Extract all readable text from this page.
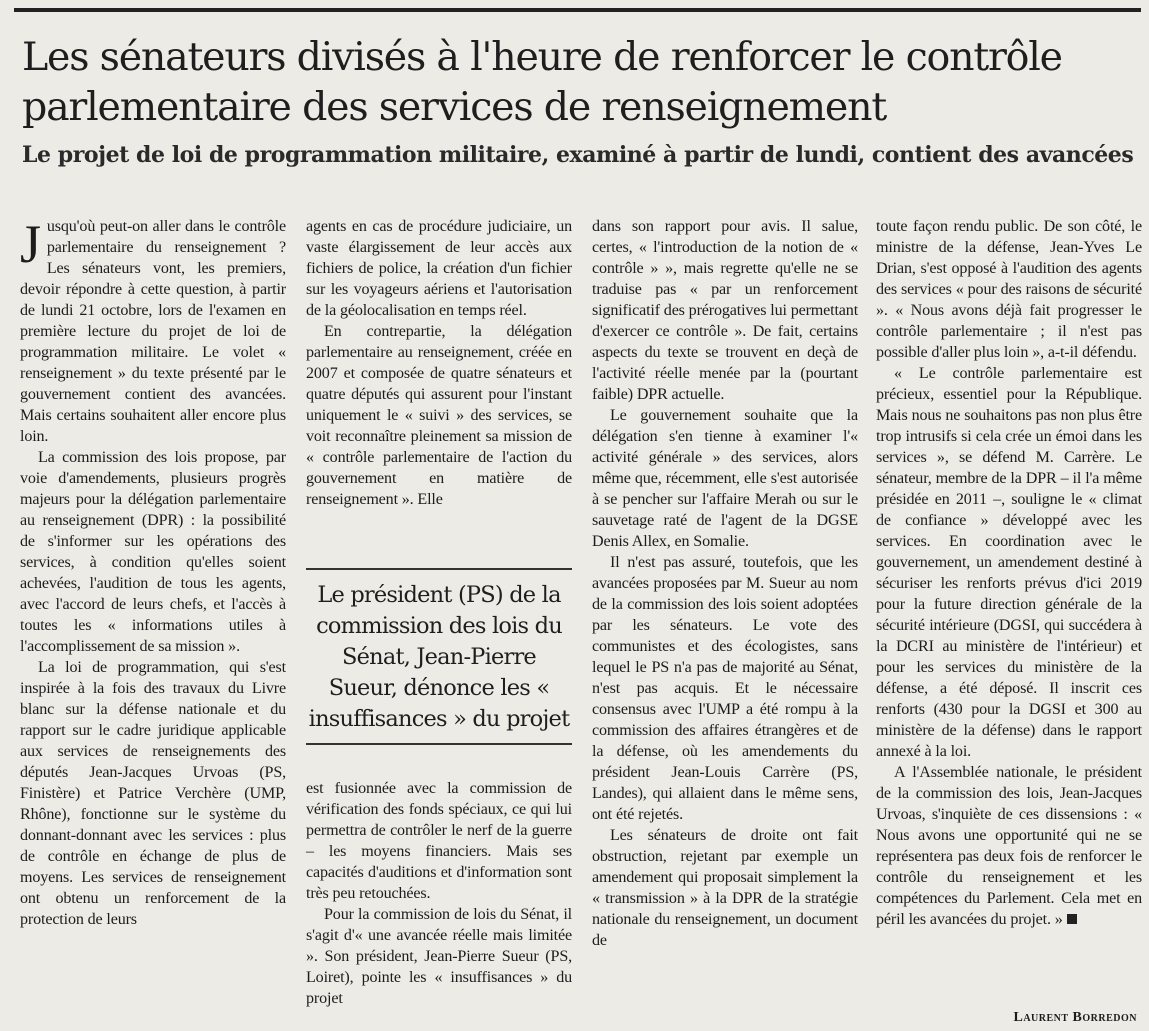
Les sénateurs divisés à l'heure de renforcer le contrôle parlementaire des services de renseignement
Le projet de loi de programmation militaire, examiné à partir de lundi, contient des avancées

Jusqu'où peut-on aller dans le contrôle parlementaire du renseignement ? Les sénateurs vont, les premiers, devoir répondre à cette question, à partir de lundi 21 octobre, lors de l'examen en première lecture du projet de loi de programmation militaire. Le volet « renseignement » du texte présenté par le gouvernement contient des avancées. Mais certains souhaitent aller encore plus loin.

La commission des lois propose, par voie d'amendements, plusieurs progrès majeurs pour la délégation parlementaire au renseignement (DPR) : la possibilité de s'informer sur les opérations des services, à condition qu'elles soient achevées, l'audition de tous les agents, avec l'accord de leurs chefs, et l'accès à toutes les « informations utiles à l'accomplissement de sa mission ».

La loi de programmation, qui s'est inspirée à la fois des travaux du Livre blanc sur la défense nationale et du rapport sur le cadre juridique applicable aux services de renseignements des députés Jean-Jacques Urvoas (PS, Finistère) et Patrice Verchère (UMP, Rhône), fonctionne sur le système du donnant-donnant avec les services : plus de contrôle en échange de plus de moyens. Les services de renseignement ont obtenu un renforcement de la protection de leurs

agents en cas de procédure judiciaire, un vaste élargissement de leur accès aux fichiers de police, la création d'un fichier sur les voyageurs aériens et l'autorisation de la géolocalisation en temps réel.

En contrepartie, la délégation parlementaire au renseignement, créée en 2007 et composée de quatre sénateurs et quatre députés qui assurent pour l'instant uniquement le « suivi » des services, se voit reconnaître pleinement sa mission de « contrôle parlementaire de l'action du gouvernement en matière de renseignement ». Elle

Le président (PS) de la commission des lois du Sénat, Jean-Pierre Sueur, dénonce les « insuffisances » du projet

est fusionnée avec la commission de vérification des fonds spéciaux, ce qui lui permettra de contrôler le nerf de la guerre – les moyens financiers. Mais ses capacités d'auditions et d'information sont très peu retouchées.

Pour la commission de lois du Sénat, il s'agit d'« une avancée réelle mais limitée ». Son président, Jean-Pierre Sueur (PS, Loiret), pointe les « insuffisances » du projet

dans son rapport pour avis. Il salue, certes, « l'introduction de la notion de « contrôle » », mais regrette qu'elle ne se traduise pas « par un renforcement significatif des prérogatives lui permettant d'exercer ce contrôle ». De fait, certains aspects du texte se trouvent en deçà de l'activité réelle menée par la (pourtant faible) DPR actuelle.

Le gouvernement souhaite que la délégation s'en tienne à examiner l'« activité générale » des services, alors même que, récemment, elle s'est autorisée à se pencher sur l'affaire Merah ou sur le sauvetage raté de l'agent de la DGSE Denis Allex, en Somalie.

Il n'est pas assuré, toutefois, que les avancées proposées par M. Sueur au nom de la commission des lois soient adoptées par les sénateurs. Le vote des communistes et des écologistes, sans lequel le PS n'a pas de majorité au Sénat, n'est pas acquis. Et le nécessaire consensus avec l'UMP a été rompu à la commission des affaires étrangères et de la défense, où les amendements du président Jean-Louis Carrère (PS, Landes), qui allaient dans le même sens, ont été rejetés.

Les sénateurs de droite ont fait obstruction, rejetant par exemple un amendement qui proposait simplement la « transmission » à la DPR de la stratégie nationale du renseignement, un document de

toute façon rendu public. De son côté, le ministre de la défense, Jean-Yves Le Drian, s'est opposé à l'audition des agents des services « pour des raisons de sécurité ». « Nous avons déjà fait progresser le contrôle parlementaire ; il n'est pas possible d'aller plus loin », a-t-il défendu.

« Le contrôle parlementaire est précieux, essentiel pour la République. Mais nous ne souhaitons pas non plus être trop intrusifs si cela crée un émoi dans les services », se défend M. Carrère. Le sénateur, membre de la DPR – il l'a même présidée en 2011 –, souligne le « climat de confiance » développé avec les services. En coordination avec le gouvernement, un amendement destiné à sécuriser les renforts prévus d'ici 2019 pour la future direction générale de la sécurité intérieure (DGSI, qui succédera à la DCRI au ministère de l'intérieur) et pour les services du ministère de la défense, a été déposé. Il inscrit ces renforts (430 pour la DGSI et 300 au ministère de la défense) dans le rapport annexé à la loi.

A l'Assemblée nationale, le président de la commission des lois, Jean-Jacques Urvoas, s'inquiète de ces dissensions : « Nous avons une opportunité qui ne se représentera pas deux fois de renforcer le contrôle du renseignement et les compétences du Parlement. Cela met en péril les avancées du projet. »

Laurent Borredon
